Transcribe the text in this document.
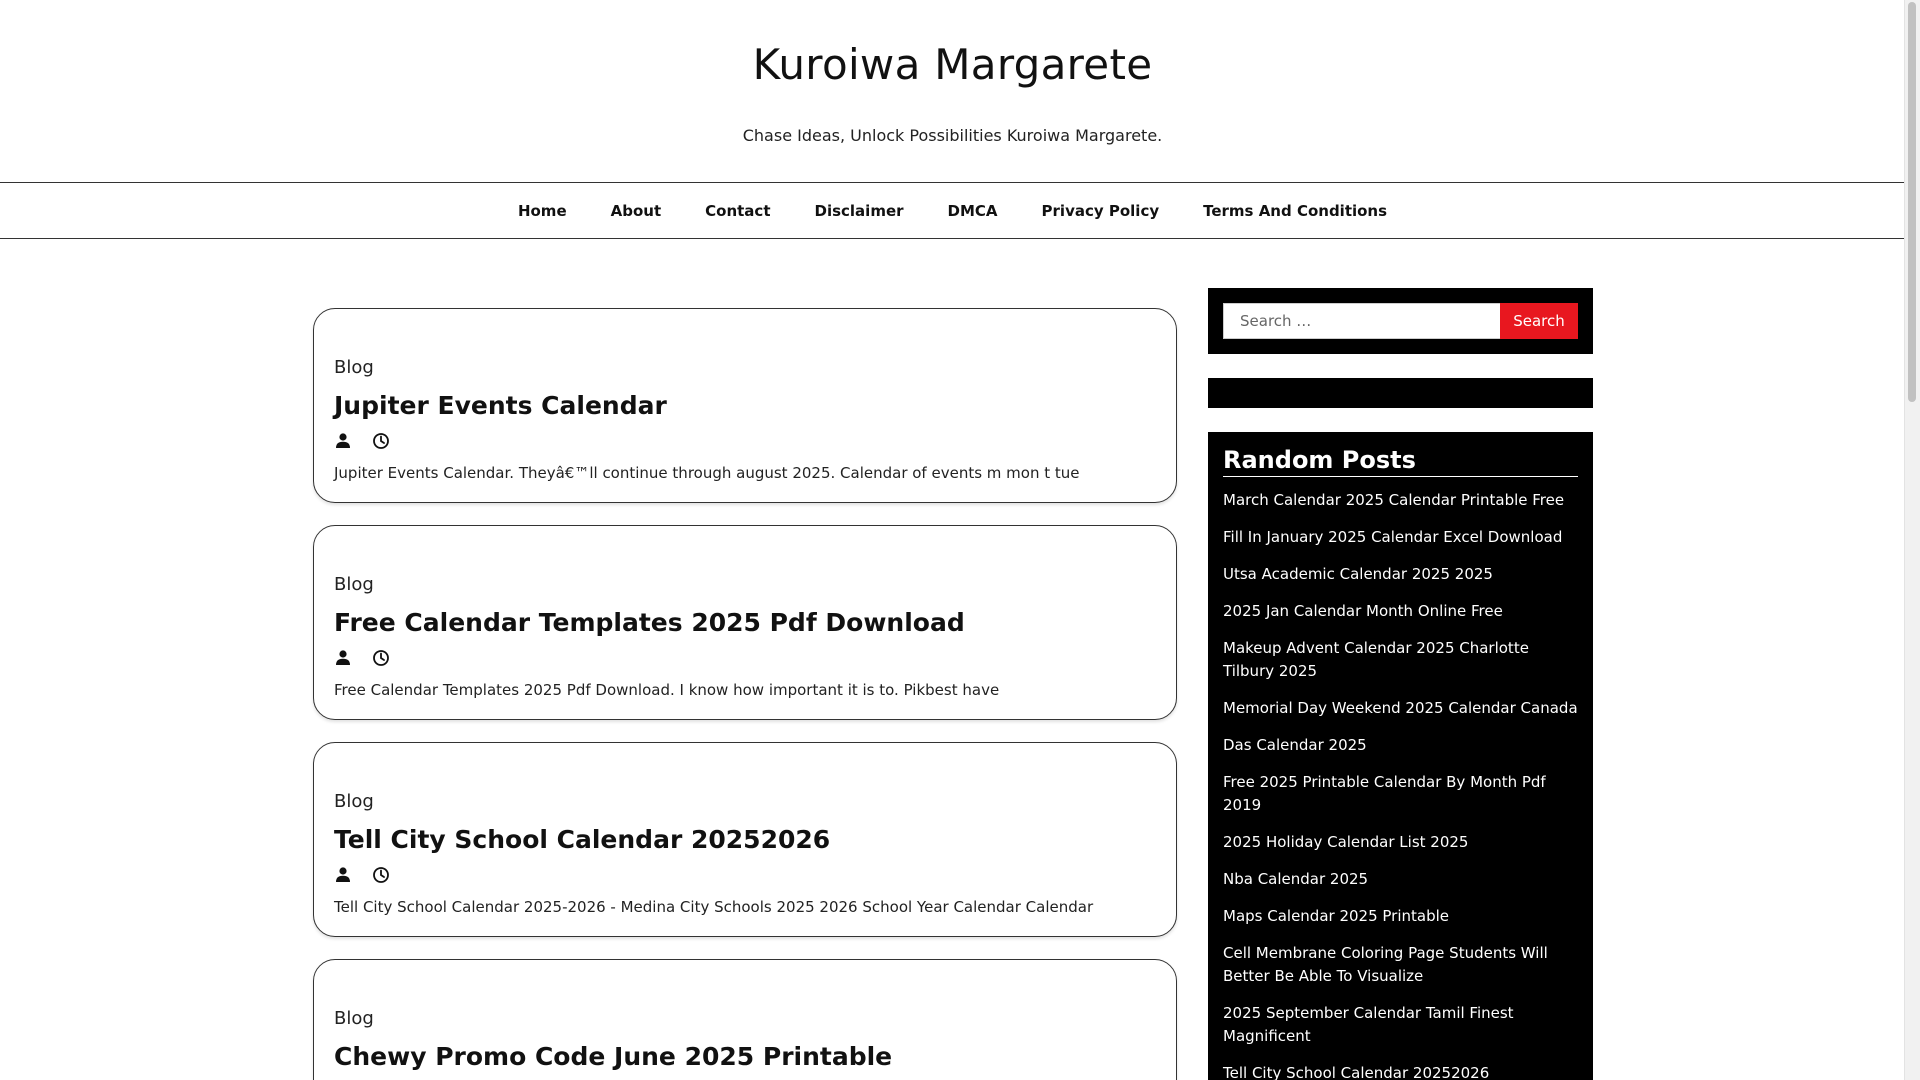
Kuroiwa Margarete
Chase Ideas, Unlock Possibilities Kuroiwa Margarete.
Home	About	Contact	Disclaimer	DMCA	Privacy Policy	Terms And Conditions
Blog
Jupiter Events Calendar
Jupiter Events Calendar. Theyâ€™ll continue through august 2025. Calendar of events m mon t tue
Blog
Free Calendar Templates 2025 Pdf Download
Free Calendar Templates 2025 Pdf Download. I know how important it is to. Pikbest have
Blog
Tell City School Calendar 20252026
Tell City School Calendar 2025-2026 - Medina City Schools 2025 2026 School Year Calendar Calendar
Blog
Chewy Promo Code June 2025 Printable
Search …
Search
Random Posts
March Calendar 2025 Calendar Printable Free
Fill In January 2025 Calendar Excel Download
Utsa Academic Calendar 2025 2025
2025 Jan Calendar Month Online Free
Makeup Advent Calendar 2025 Charlotte Tilbury 2025
Memorial Day Weekend 2025 Calendar Canada
Das Calendar 2025
Free 2025 Printable Calendar By Month Pdf 2019
2025 Holiday Calendar List 2025
Nba Calendar 2025
Maps Calendar 2025 Printable
Cell Membrane Coloring Page Students Will Better Be Able To Visualize
2025 September Calendar Tamil Finest Magnificent
Tell City School Calendar 20252026
